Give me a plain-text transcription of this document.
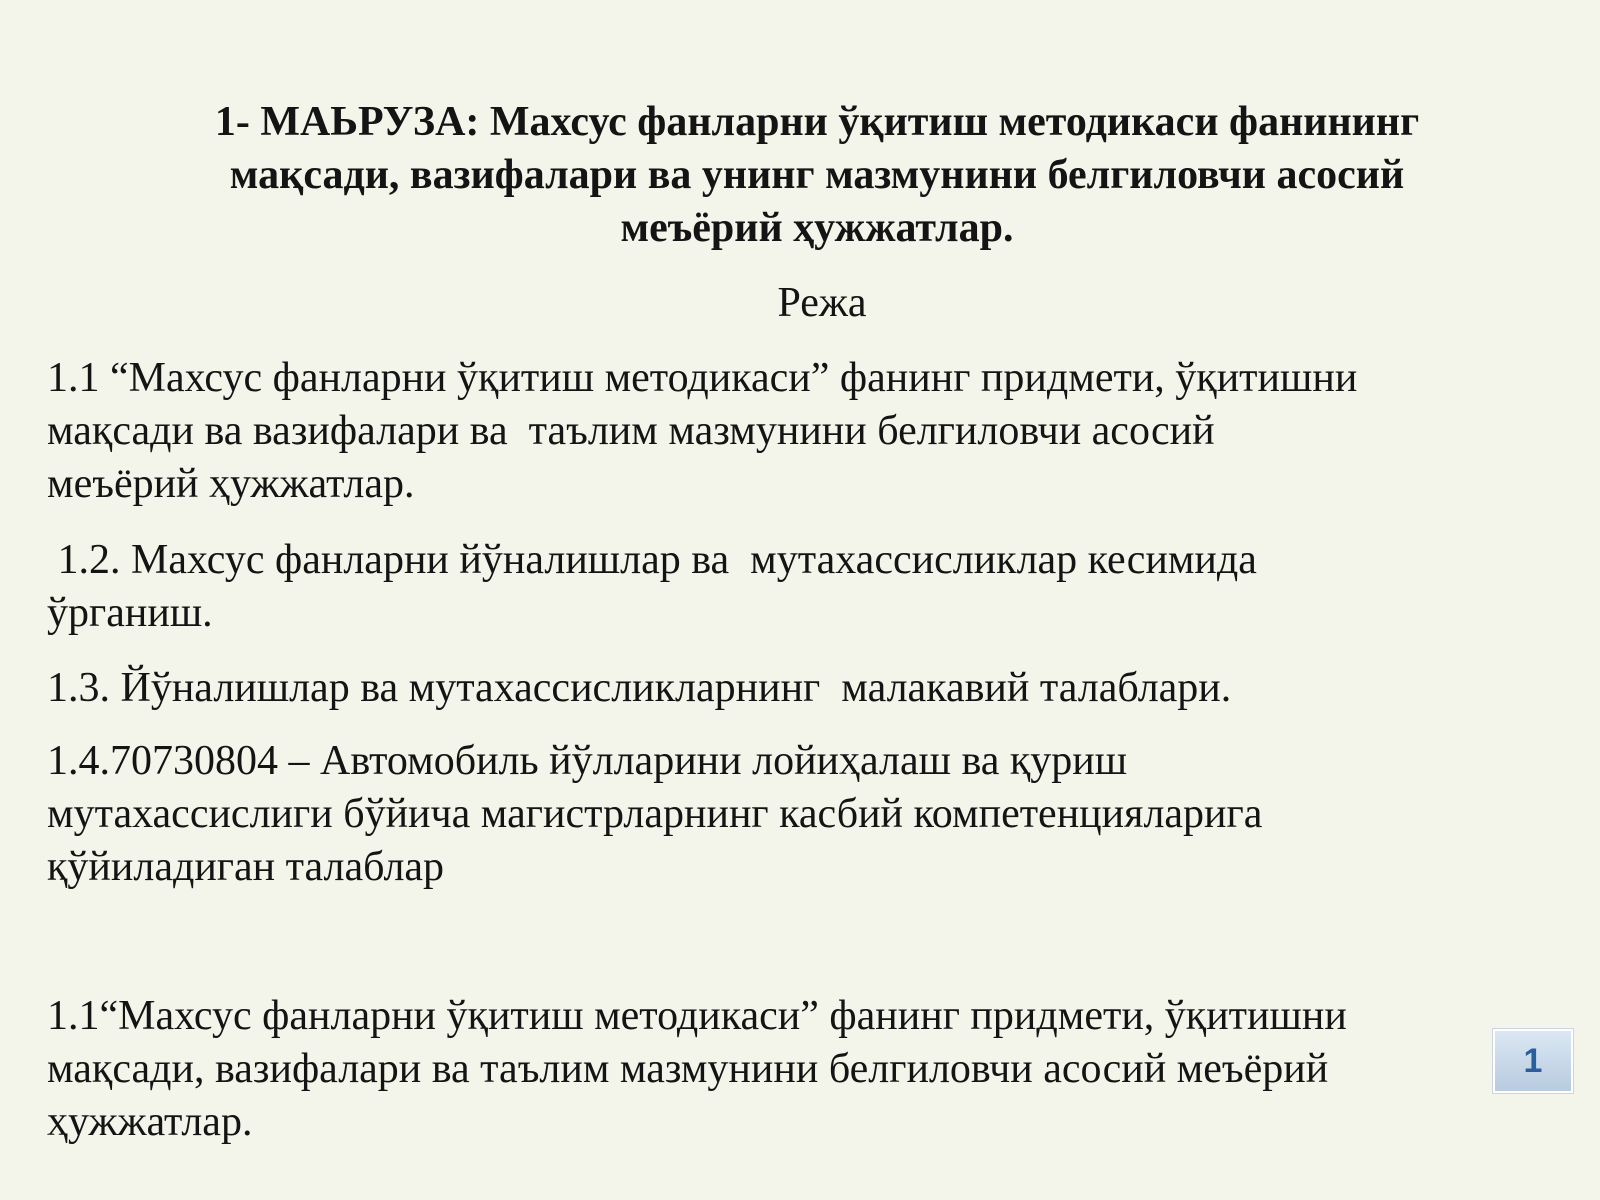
1- МАЬРУЗА: Махсус фанларни ўқитиш методикаси фанининг
мақсади, вазифалари ва унинг мазмунини белгиловчи асосий
меъёрий ҳужжатлар.

Режа

1.1 “Махсус фанларни ўқитиш методикаси” фанинг придмети, ўқитишни
мақсади ва вазифалари ва  таълим мазмунини белгиловчи асосий
меъёрий ҳужжатлар.

1.2. Махсус фанларни йўналишлар ва  мутахассисликлар кесимида
ўрганиш.

1.3. Йўналишлар ва мутахассисликларнинг  малакавий талаблари.

1.4.70730804 – Автомобиль йўлларини лойиҳалаш ва қуриш
мутахассислиги бўйича магистрларнинг касбий компетенцияларига
қўйиладиган талаблар

1.1“Махсус фанларни ўқитиш методикаси” фанинг придмети, ўқитишни
мақсади, вазифалари ва таълим мазмунини белгиловчи асосий меъёрий
ҳужжатлар.

1
